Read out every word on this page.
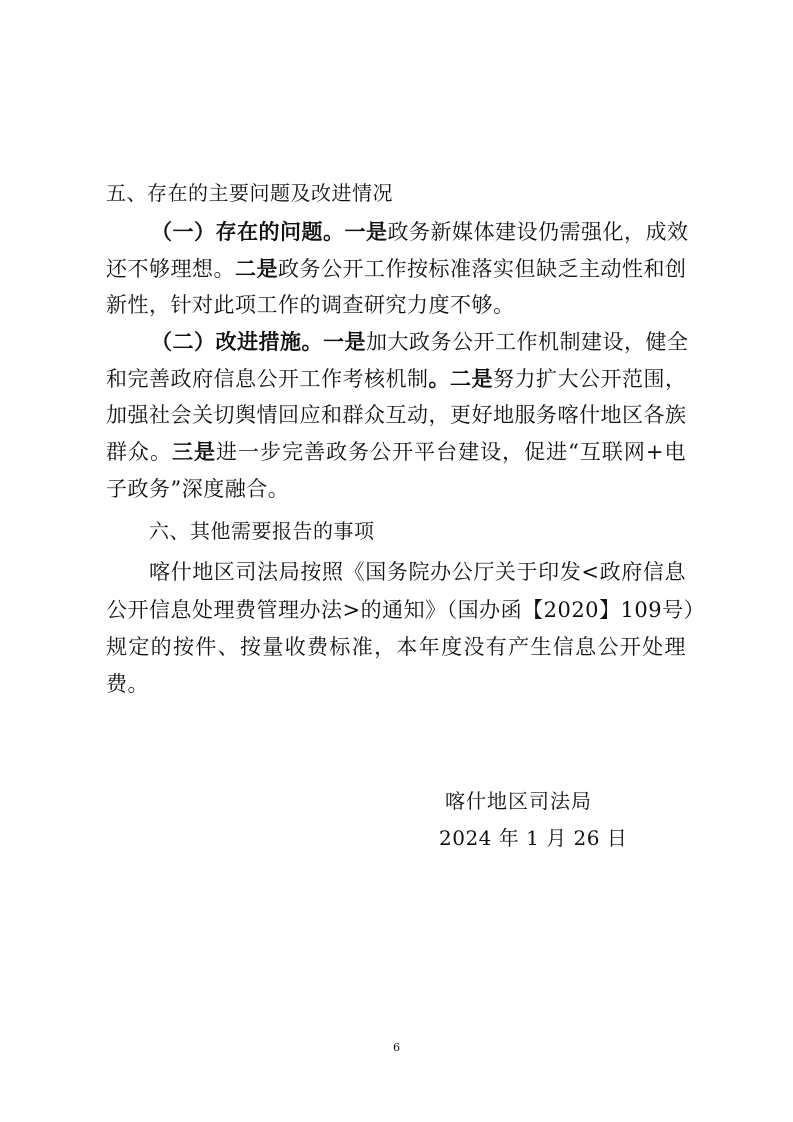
五、存在的主要问题及改进情况
（一）存在的问题。一是政务新媒体建设仍需强化，成效
还不够理想。二是政务公开工作按标准落实但缺乏主动性和创
新性，针对此项工作的调查研究力度不够。
（二）改进措施。一是加大政务公开工作机制建设，健全
和完善政府信息公开工作考核机制。二是努力扩大公开范围，
加强社会关切舆情回应和群众互动，更好地服务喀什地区各族
群众。三是进一步完善政务公开平台建设，促进“互联网+电
子政务”深度融合。
六、其他需要报告的事项
喀什地区司法局按照《国务院办公厅关于印发<政府信息
公开信息处理费管理办法>的通知》（国办函【2020】109号）
规定的按件、按量收费标准，本年度没有产生信息公开处理
费。
喀什地区司法局
2024 年 1 月 26 日
6
